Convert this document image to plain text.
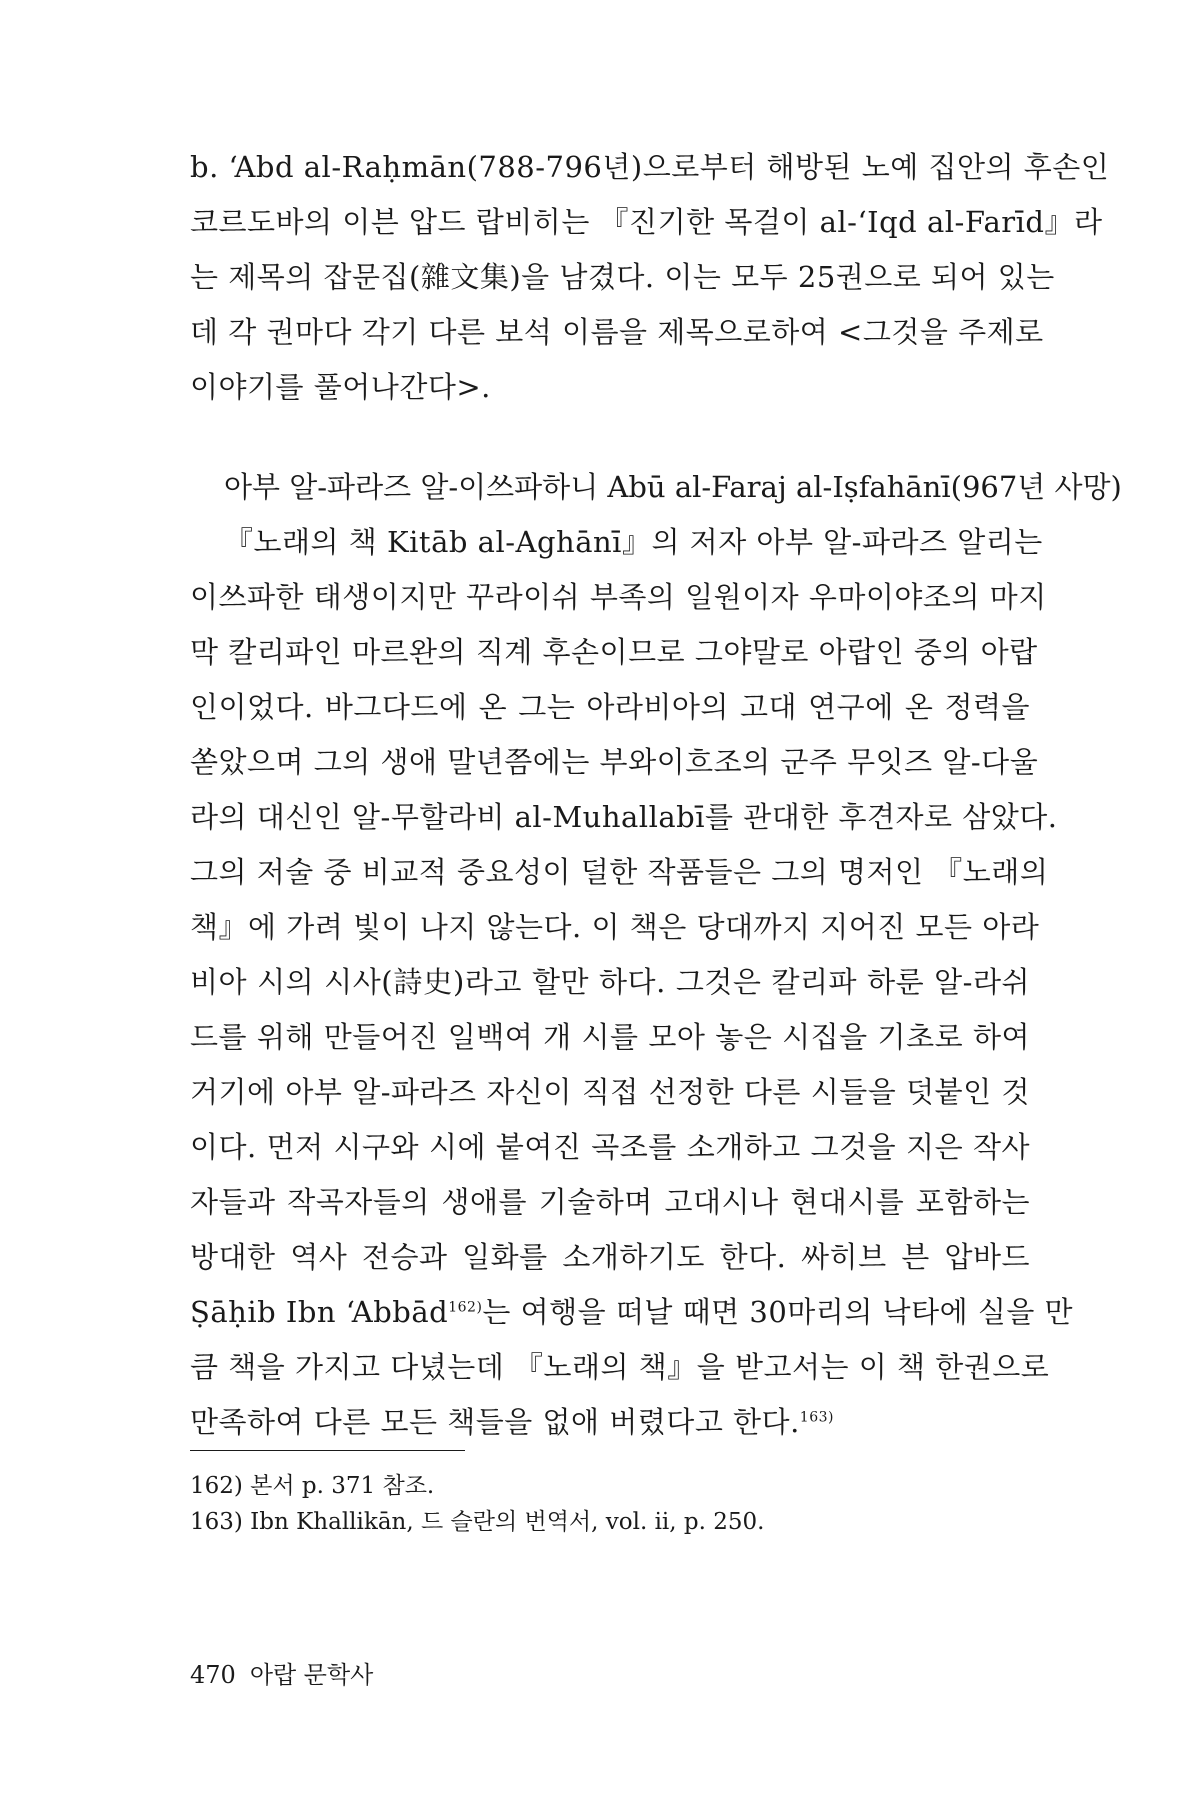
b. ‘Abd al-Raḥmān(788-796년)으로부터 해방된 노예 집안의 후손인
코르도바의 이븐 압드 랍비히는 『진기한 목걸이 al-‘Iqd al-Farīd』라
는 제목의 잡문집(雜文集)을 남겼다. 이는 모두 25권으로 되어 있는
데 각 권마다 각기 다른 보석 이름을 제목으로하여 <그것을 주제로
이야기를 풀어나간다>.

아부 알-파라즈 알-이쓰파하니 Abū al-Faraj al-Iṣfahānī(967년 사망)

『노래의 책 Kitāb al-Aghānī』의 저자 아부 알-파라즈 알리는
이쓰파한 태생이지만 꾸라이쉬 부족의 일원이자 우마이야조의 마지
막 칼리파인 마르완의 직계 후손이므로 그야말로 아랍인 중의 아랍
인이었다. 바그다드에 온 그는 아라비아의 고대 연구에 온 정력을
쏟았으며 그의 생애 말년쯤에는 부와이흐조의 군주 무잇즈 알-다울
라의 대신인 알-무할라비 al-Muhallabī를 관대한 후견자로 삼았다.
그의 저술 중 비교적 중요성이 덜한 작품들은 그의 명저인 『노래의
책』에 가려 빛이 나지 않는다. 이 책은 당대까지 지어진 모든 아라
비아 시의 시사(詩史)라고 할만 하다. 그것은 칼리파 하룬 알-라쉬
드를 위해 만들어진 일백여 개 시를 모아 놓은 시집을 기초로 하여
거기에 아부 알-파라즈 자신이 직접 선정한 다른 시들을 덧붙인 것
이다. 먼저 시구와 시에 붙여진 곡조를 소개하고 그것을 지은 작사
자들과 작곡자들의 생애를 기술하며 고대시나 현대시를 포함하는
방대한 역사 전승과 일화를 소개하기도 한다. 싸히브 븐 압바드
Ṣāḥib Ibn ‘Abbād$^{162)}$는 여행을 떠날 때면 30마리의 낙타에 실을 만
큼 책을 가지고 다녔는데 『노래의 책』을 받고서는 이 책 한권으로
만족하여 다른 모든 책들을 없애 버렸다고 한다.$^{163)}$

162) 본서 p. 371 참조.
163) Ibn Khallikān, 드 슬란의 번역서, vol. ii, p. 250.
470 아랍 문학사
